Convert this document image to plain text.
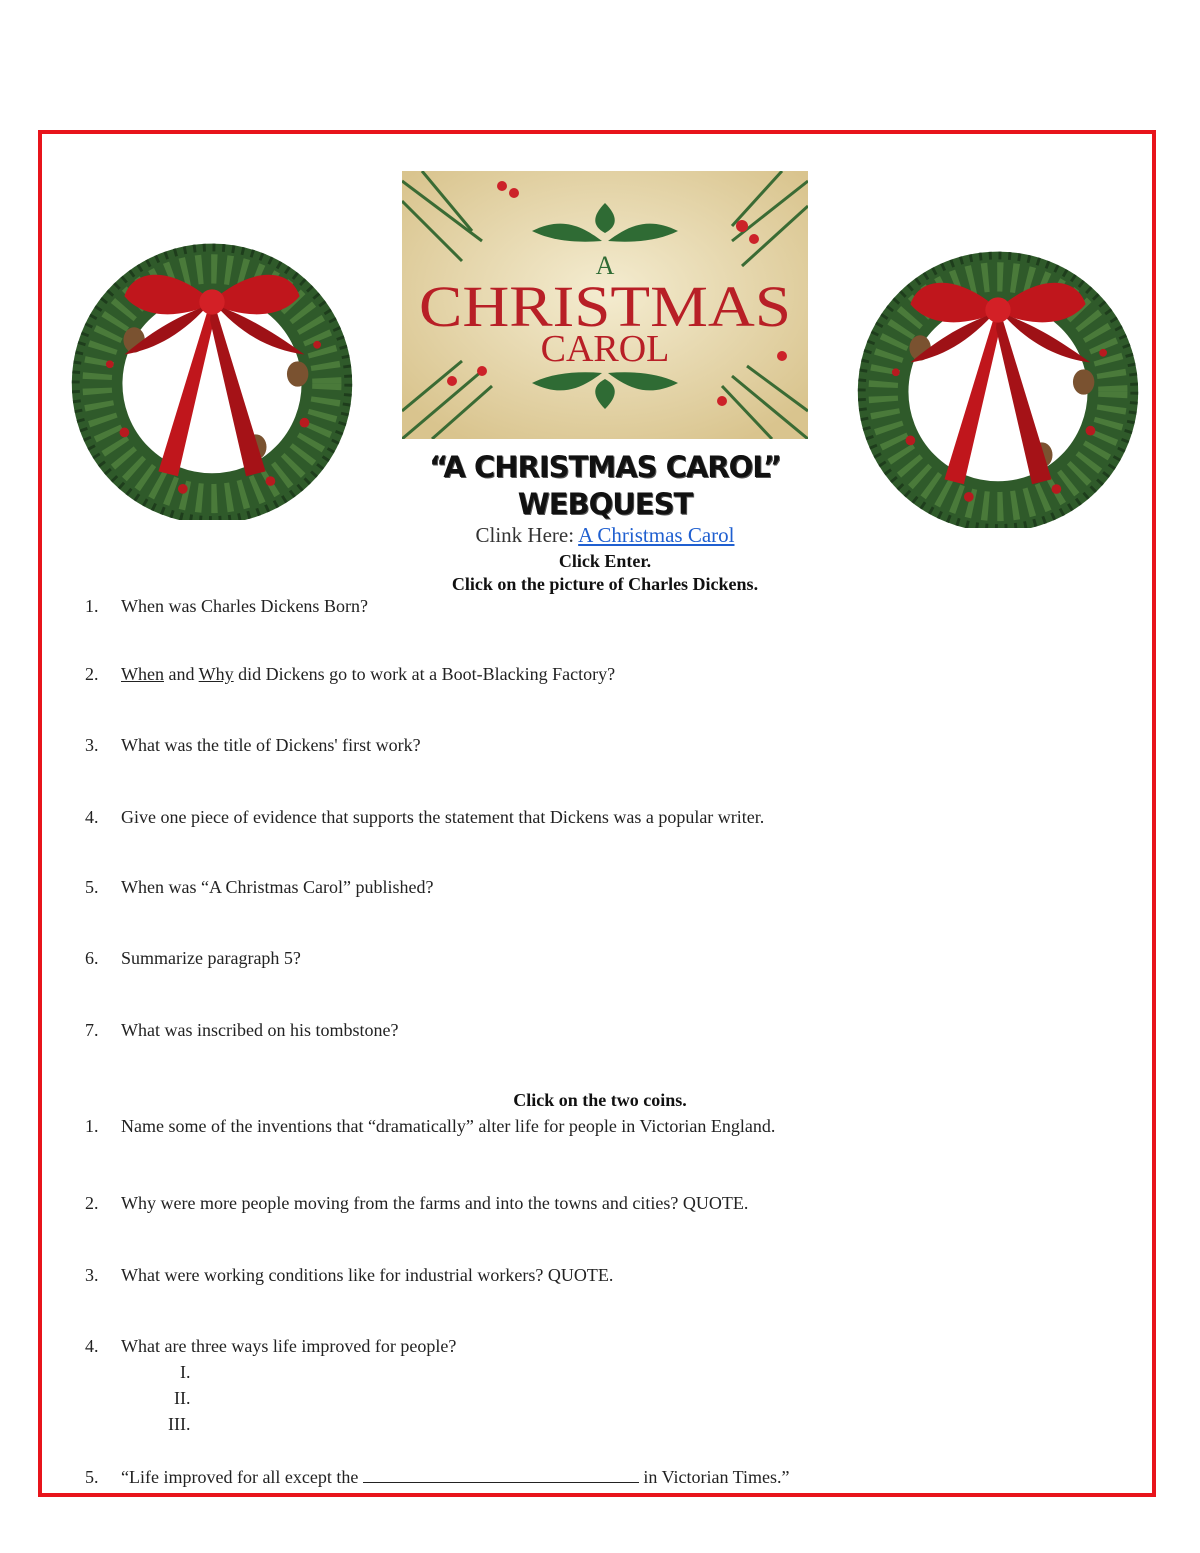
A
CHRISTMAS
CAROL
“A CHRISTMAS CAROL”
WEBQUEST
Clink Here: A Christmas Carol
Click Enter.
Click on the picture of Charles Dickens.
1. When was Charles Dickens Born?
2. When and Why did Dickens go to work at a Boot-Blacking Factory?
3. What was the title of Dickens' first work?
4. Give one piece of evidence that supports the statement that Dickens was a popular writer.
5. When was “A Christmas Carol” published?
6. Summarize paragraph 5?
7. What was inscribed on his tombstone?
Click on the two coins.
1. Name some of the inventions that “dramatically” alter life for people in Victorian England.
2. Why were more people moving from the farms and into the towns and cities? QUOTE.
3. What were working conditions like for industrial workers? QUOTE.
4. What are three ways life improved for people?
I.
II.
III.
5. “Life improved for all except the	in Victorian Times.”
